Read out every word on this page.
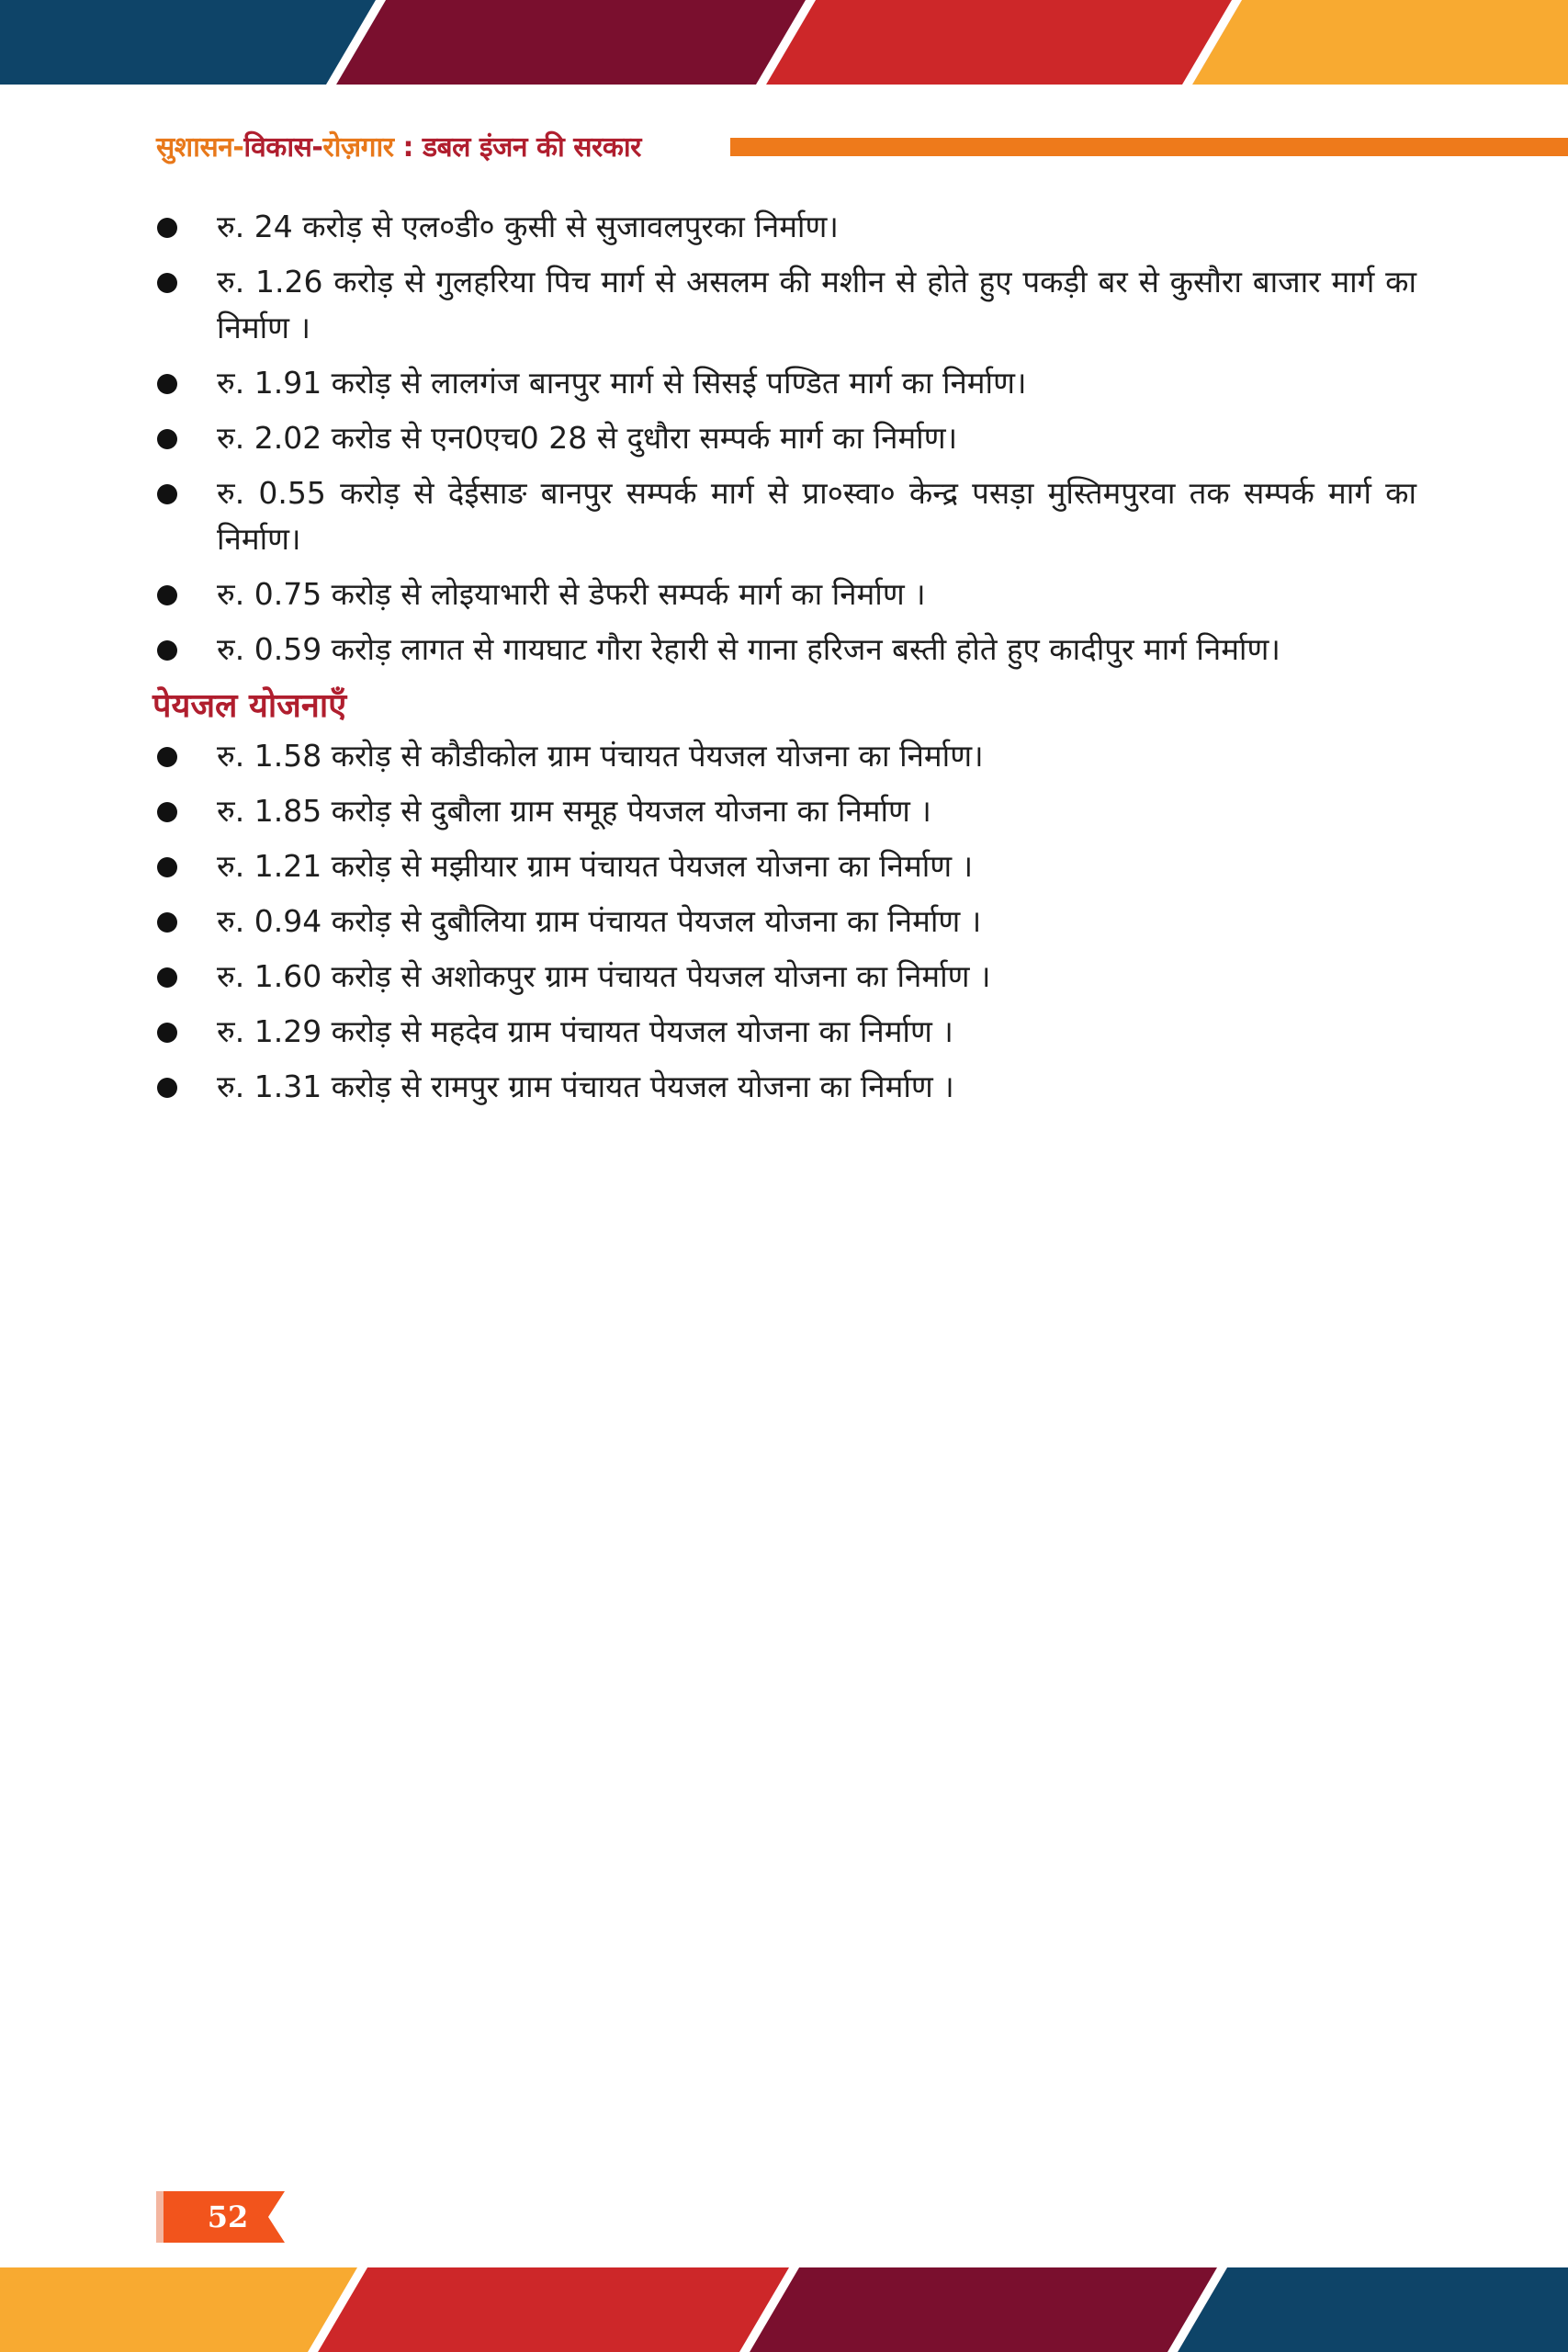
सुशासन-विकास-रोज़गार : डबल इंजन की सरकार
रु. 24 करोड़ से एल०डी० कुसी से सुजावलपुरका निर्माण।
रु. 1.26 करोड़ से गुलहरिया पिच मार्ग से असलम की मशीन से होते हुए पकड़ी बर से कुसौरा बाजार मार्ग का निर्माण ।
रु. 1.91 करोड़ से लालगंज बानपुर मार्ग से सिसई पण्डित मार्ग का निर्माण।
रु. 2.02 करोड से एन0एच0 28 से दुधौरा सम्पर्क मार्ग का निर्माण।
रु. 0.55 करोड़ से देईसाङ बानपुर सम्पर्क मार्ग से प्रा०स्वा० केन्द्र पसड़ा मुस्तिमपुरवा तक सम्पर्क मार्ग का निर्माण।
रु. 0.75 करोड़ से लोइयाभारी से डेफरी सम्पर्क मार्ग का निर्माण ।
रु. 0.59 करोड़ लागत से गायघाट गौरा रेहारी से गाना हरिजन बस्ती होते हुए कादीपुर मार्ग निर्माण।
पेयजल योजनाएँ
रु. 1.58 करोड़ से कौडीकोल ग्राम पंचायत पेयजल योजना का निर्माण।
रु. 1.85 करोड़ से दुबौला ग्राम समूह पेयजल योजना का निर्माण ।
रु. 1.21 करोड़ से मझीयार ग्राम पंचायत पेयजल योजना का निर्माण ।
रु. 0.94 करोड़ से दुबौलिया ग्राम पंचायत पेयजल योजना का निर्माण ।
रु. 1.60 करोड़ से अशोकपुर ग्राम पंचायत पेयजल योजना का निर्माण ।
रु. 1.29 करोड़ से महदेव ग्राम पंचायत पेयजल योजना का निर्माण ।
रु. 1.31 करोड़ से रामपुर ग्राम पंचायत पेयजल योजना का निर्माण ।
52
